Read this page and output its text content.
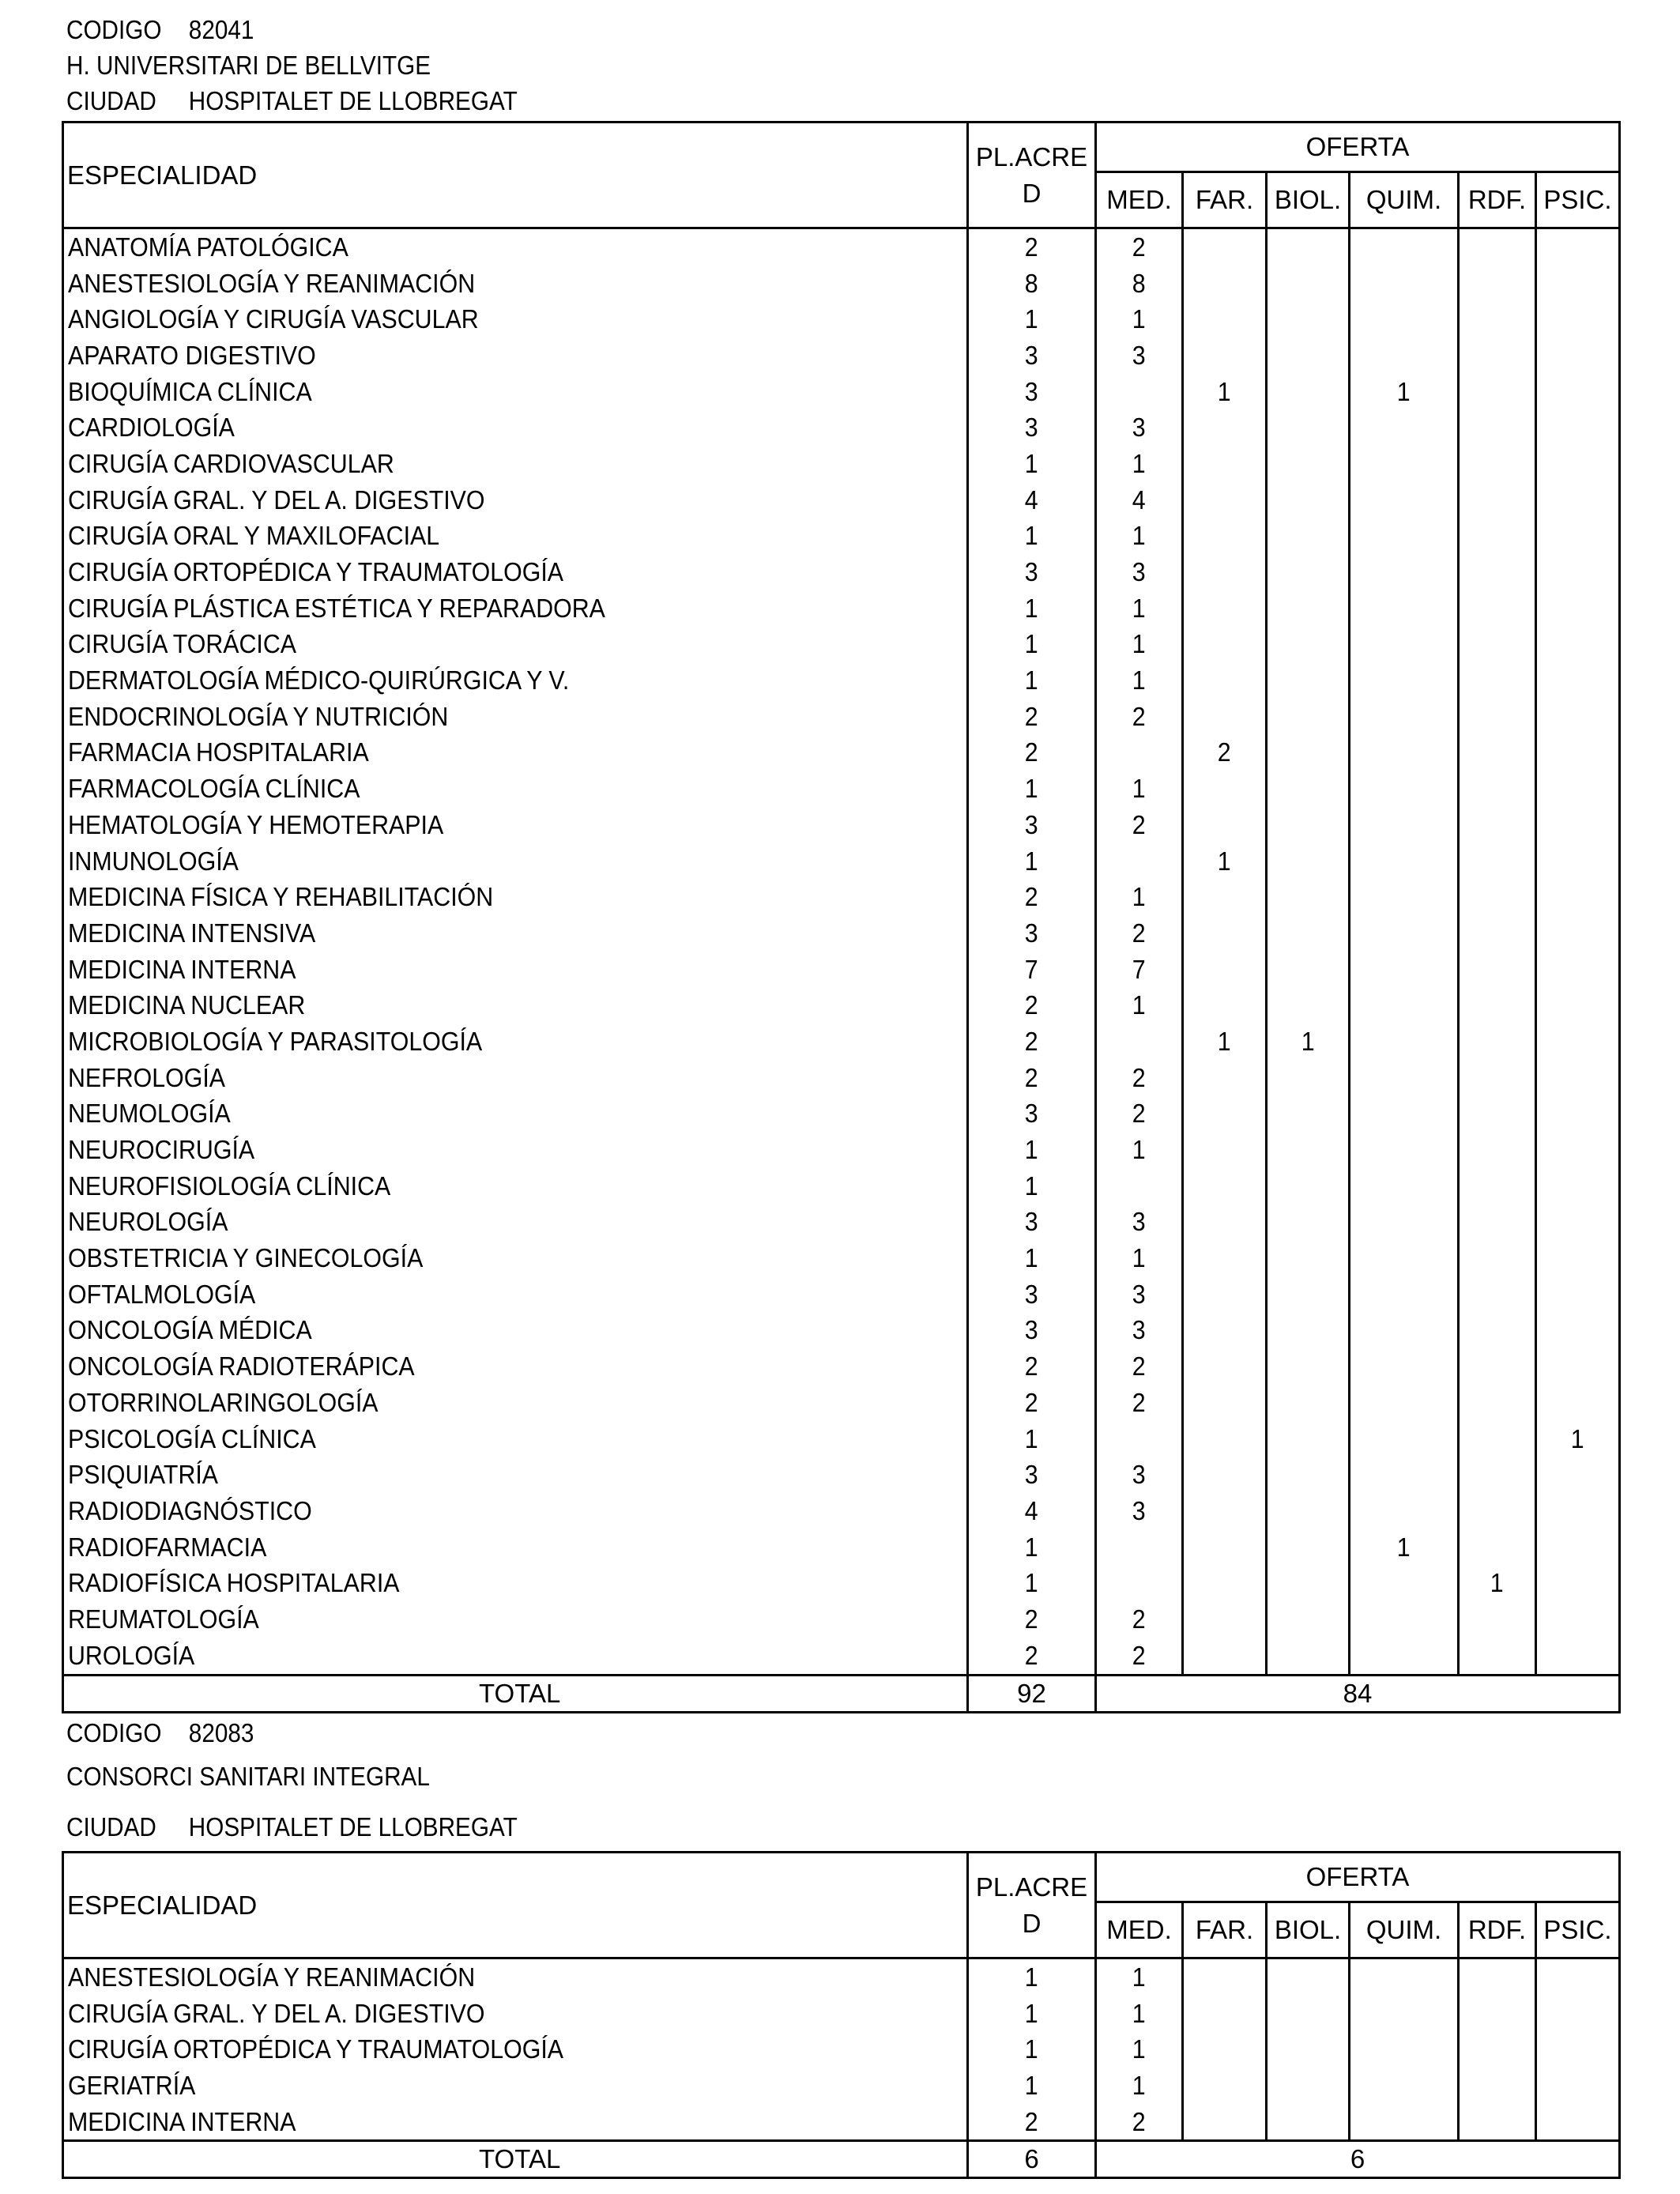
CODIGO 82041
H. UNIVERSITARI DE BELLVITGE
CIUDAD HOSPITALET DE LLOBREGAT
ESPECIALIDAD	PL.ACRE D	OFERTA					
		MED.	FAR.	BIOL.	QUIM.	RDF.	PSIC.
ANATOMÍA PATOLÓGICA	2	2					
ANESTESIOLOGÍA Y REANIMACIÓN	8	8					
ANGIOLOGÍA Y CIRUGÍA VASCULAR	1	1					
APARATO DIGESTIVO	3	3					
BIOQUÍMICA CLÍNICA	3		1		1		
CARDIOLOGÍA	3	3					
CIRUGÍA CARDIOVASCULAR	1	1					
CIRUGÍA GRAL. Y DEL A. DIGESTIVO	4	4					
CIRUGÍA ORAL Y MAXILOFACIAL	1	1					
CIRUGÍA ORTOPÉDICA Y TRAUMATOLOGÍA	3	3					
CIRUGÍA PLÁSTICA ESTÉTICA Y REPARADORA	1	1					
CIRUGÍA TORÁCICA	1	1					
DERMATOLOGÍA MÉDICO-QUIRÚRGICA Y V.	1	1					
ENDOCRINOLOGÍA Y NUTRICIÓN	2	2					
FARMACIA HOSPITALARIA	2		2				
FARMACOLOGÍA CLÍNICA	1	1					
HEMATOLOGÍA Y HEMOTERAPIA	3	2					
INMUNOLOGÍA	1		1				
MEDICINA FÍSICA Y REHABILITACIÓN	2	1					
MEDICINA INTENSIVA	3	2					
MEDICINA INTERNA	7	7					
MEDICINA NUCLEAR	2	1					
MICROBIOLOGÍA Y PARASITOLOGÍA	2		1	1			
NEFROLOGÍA	2	2					
NEUMOLOGÍA	3	2					
NEUROCIRUGÍA	1	1					
NEUROFISIOLOGÍA CLÍNICA	1						
NEUROLOGÍA	3	3					
OBSTETRICIA Y GINECOLOGÍA	1	1					
OFTALMOLOGÍA	3	3					
ONCOLOGÍA MÉDICA	3	3					
ONCOLOGÍA RADIOTERÁPICA	2	2					
OTORRINOLARINGOLOGÍA	2	2					
PSICOLOGÍA CLÍNICA	1						1
PSIQUIATRÍA	3	3					
RADIODIAGNÓSTICO	4	3					
RADIOFARMACIA	1				1		
RADIOFÍSICA HOSPITALARIA	1					1	
REUMATOLOGÍA	2	2					
UROLOGÍA	2	2					
TOTAL	92	84					
CODIGO 82083
CONSORCI SANITARI INTEGRAL
CIUDAD HOSPITALET DE LLOBREGAT
ESPECIALIDAD	PL.ACRE D	OFERTA					
		MED.	FAR.	BIOL.	QUIM.	RDF.	PSIC.
ANESTESIOLOGÍA Y REANIMACIÓN	1	1					
CIRUGÍA GRAL. Y DEL A. DIGESTIVO	1	1					
CIRUGÍA ORTOPÉDICA Y TRAUMATOLOGÍA	1	1					
GERIATRÍA	1	1					
MEDICINA INTERNA	2	2					
TOTAL	6	6					
